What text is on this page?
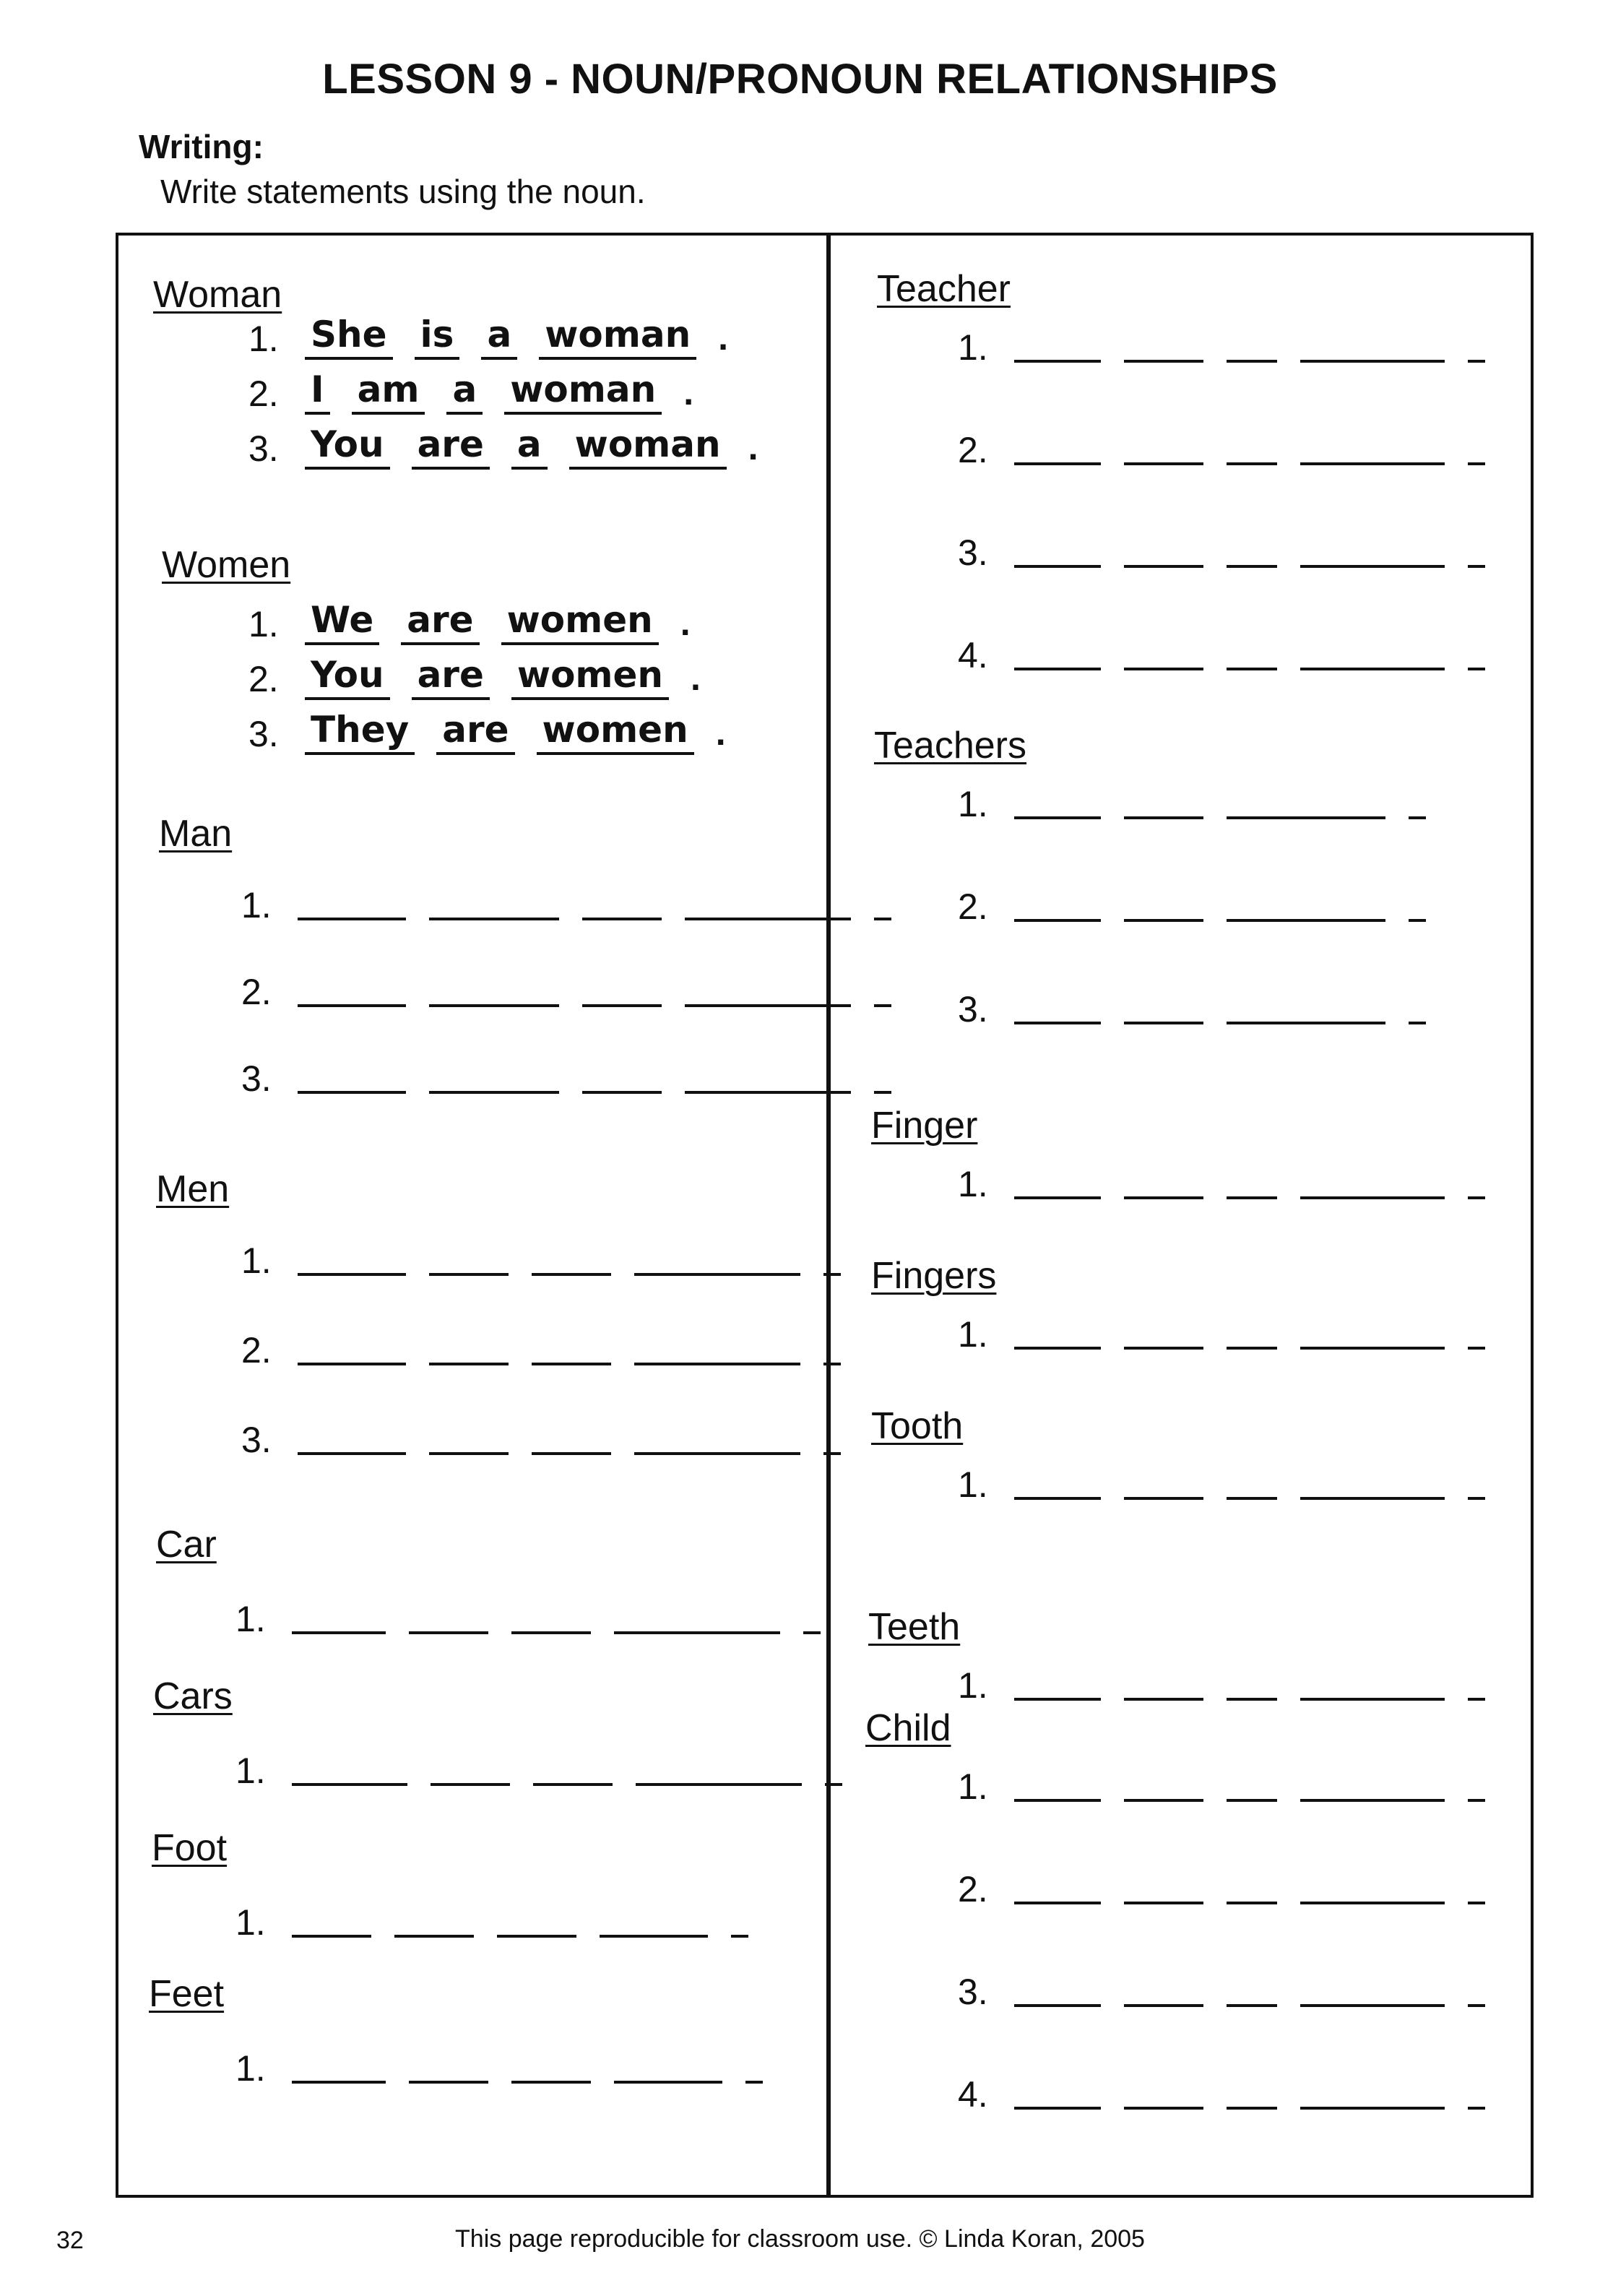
LESSON 9 - NOUN/PRONOUN RELATIONSHIPS
Writing:
Write statements using the noun.
Woman
1. She is a woman .
2. I am a woman .
3. You are a woman .
Women
1. We are women .
2. You are women .
3. They are women .
Man
1.
2.
3.
Men
1.
2.
3.
Car
1.
Cars
1.
Foot
1.
Feet
1.
Teacher
1.
2.
3.
4.
Teachers
1.
2.
3.
Finger
1.
Fingers
1.
Tooth
1.
Teeth
1.
Child
1.
2.
3.
4.
32	This page reproducible for classroom use. © Linda Koran, 2005
